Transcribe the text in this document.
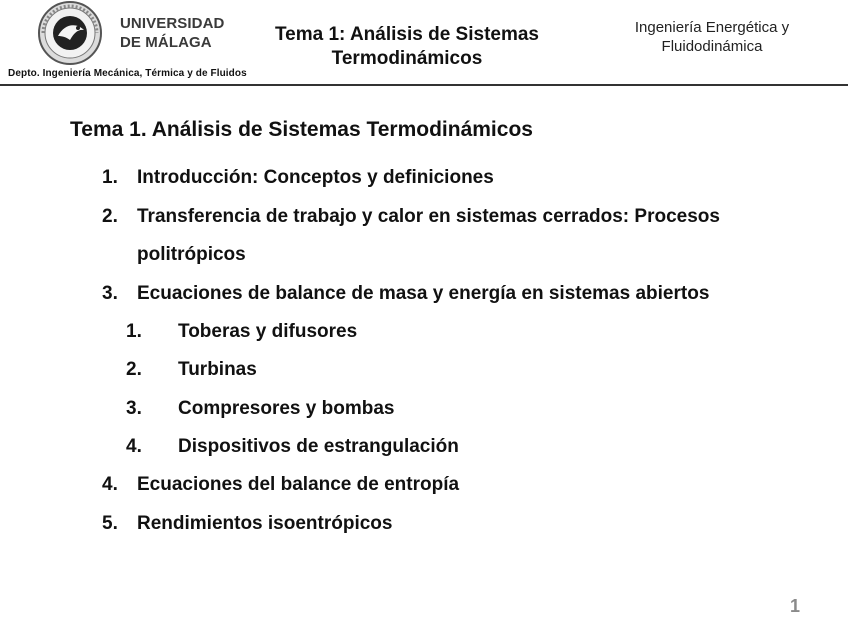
UNIVERSIDAD
DE MÁLAGA
Depto. Ingeniería Mecánica, Térmica y de Fluidos
Tema 1: Análisis de Sistemas
Termodinámicos
Ingeniería Energética y
Fluidodinámica
Tema 1. Análisis de Sistemas Termodinámicos
1. Introducción: Conceptos y definiciones
2. Transferencia de trabajo y calor en sistemas cerrados: Procesos
politrópicos
3. Ecuaciones de balance de masa y energía en sistemas abiertos
1. Toberas y difusores
2. Turbinas
3. Compresores y bombas
4. Dispositivos de estrangulación
4. Ecuaciones del balance de entropía
5. Rendimientos isoentrópicos
1
